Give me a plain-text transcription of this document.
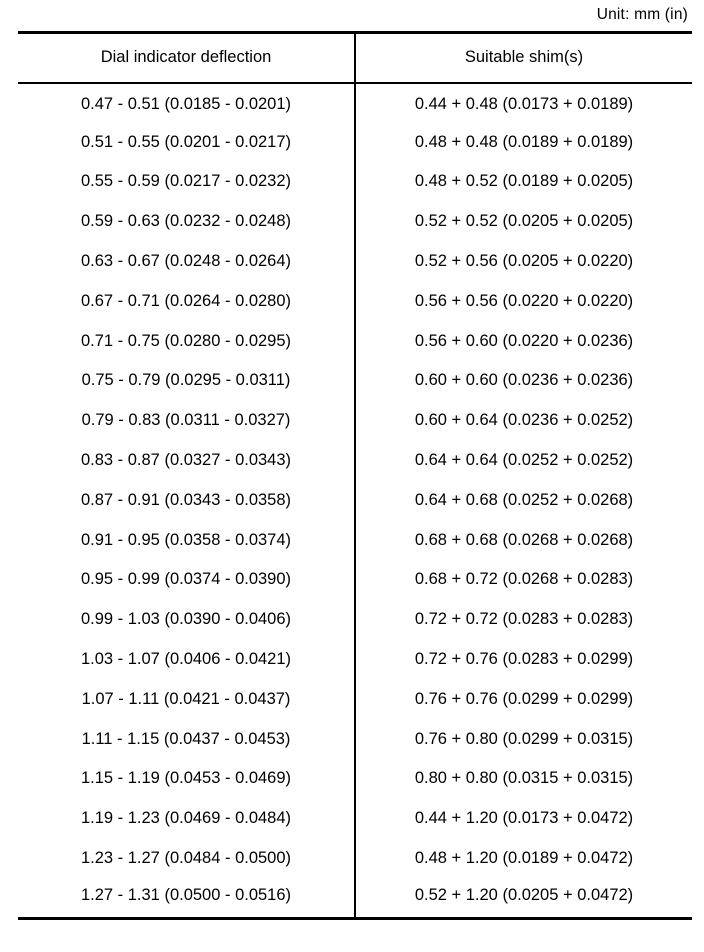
Unit: mm (in)
Dial indicator deflection	Suitable shim(s)
0.47 - 0.51 (0.0185 - 0.0201)	0.44 + 0.48 (0.0173 + 0.0189)
0.51 - 0.55 (0.0201 - 0.0217)	0.48 + 0.48 (0.0189 + 0.0189)
0.55 - 0.59 (0.0217 - 0.0232)	0.48 + 0.52 (0.0189 + 0.0205)
0.59 - 0.63 (0.0232 - 0.0248)	0.52 + 0.52 (0.0205 + 0.0205)
0.63 - 0.67 (0.0248 - 0.0264)	0.52 + 0.56 (0.0205 + 0.0220)
0.67 - 0.71 (0.0264 - 0.0280)	0.56 + 0.56 (0.0220 + 0.0220)
0.71 - 0.75 (0.0280 - 0.0295)	0.56 + 0.60 (0.0220 + 0.0236)
0.75 - 0.79 (0.0295 - 0.0311)	0.60 + 0.60 (0.0236 + 0.0236)
0.79 - 0.83 (0.0311 - 0.0327)	0.60 + 0.64 (0.0236 + 0.0252)
0.83 - 0.87 (0.0327 - 0.0343)	0.64 + 0.64 (0.0252 + 0.0252)
0.87 - 0.91 (0.0343 - 0.0358)	0.64 + 0.68 (0.0252 + 0.0268)
0.91 - 0.95 (0.0358 - 0.0374)	0.68 + 0.68 (0.0268 + 0.0268)
0.95 - 0.99 (0.0374 - 0.0390)	0.68 + 0.72 (0.0268 + 0.0283)
0.99 - 1.03 (0.0390 - 0.0406)	0.72 + 0.72 (0.0283 + 0.0283)
1.03 - 1.07 (0.0406 - 0.0421)	0.72 + 0.76 (0.0283 + 0.0299)
1.07 - 1.11 (0.0421 - 0.0437)	0.76 + 0.76 (0.0299 + 0.0299)
1.11 - 1.15 (0.0437 - 0.0453)	0.76 + 0.80 (0.0299 + 0.0315)
1.15 - 1.19 (0.0453 - 0.0469)	0.80 + 0.80 (0.0315 + 0.0315)
1.19 - 1.23 (0.0469 - 0.0484)	0.44 + 1.20 (0.0173 + 0.0472)
1.23 - 1.27 (0.0484 - 0.0500)	0.48 + 1.20 (0.0189 + 0.0472)
1.27 - 1.31 (0.0500 - 0.0516)	0.52 + 1.20 (0.0205 + 0.0472)
